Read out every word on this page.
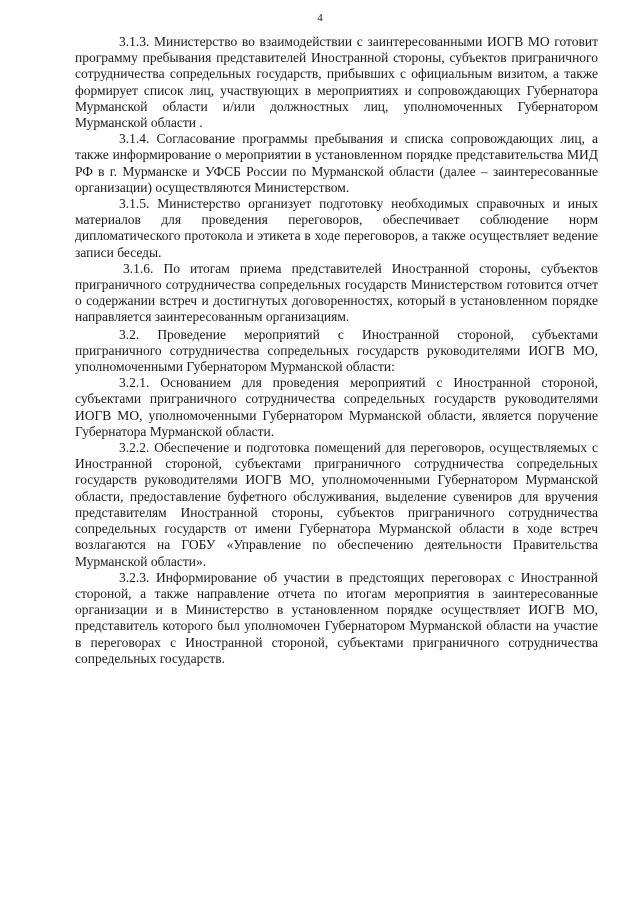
4

3.1.3. Министерство во взаимодействии с заинтересованными ИОГВ МО готовит программу пребывания представителей Иностранной стороны, субъектов приграничного сотрудничества сопредельных государств, прибывших с официальным визитом, а также формирует список лиц, участвующих в мероприятиях и сопровождающих Губернатора Мурманской области и/или должностных лиц, уполномоченных Губернатором Мурманской области .

3.1.4. Согласование программы пребывания и списка сопровождающих лиц, а также информирование о мероприятии в установленном порядке представительства МИД РФ в г. Мурманске и УФСБ России по Мурманской области (далее – заинтересованные организации) осуществляются Министерством.

3.1.5. Министерство организует подготовку необходимых справочных и иных материалов для проведения переговоров, обеспечивает соблюдение норм дипломатического протокола и этикета в ходе переговоров, а также осуществляет ведение записи беседы.

3.1.6. По итогам приема представителей Иностранной стороны, субъектов приграничного сотрудничества сопредельных государств Министерством готовится отчет о содержании встреч и достигнутых договоренностях, который в установленном порядке направляется заинтересованным организациям.

3.2. Проведение мероприятий с Иностранной стороной, субъектами приграничного сотрудничества сопредельных государств руководителями ИОГВ МО, уполномоченными Губернатором Мурманской области:

3.2.1. Основанием для проведения мероприятий с Иностранной стороной, субъектами приграничного сотрудничества сопредельных государств руководителями ИОГВ МО, уполномоченными Губернатором Мурманской области, является поручение Губернатора Мурманской области.

3.2.2. Обеспечение и подготовка помещений для переговоров, осуществляемых с Иностранной стороной, субъектами приграничного сотрудничества сопредельных государств руководителями ИОГВ МО, уполномоченными Губернатором Мурманской области, предоставление буфетного обслуживания, выделение сувениров для вручения представителям Иностранной стороны, субъектов приграничного сотрудничества сопредельных государств от имени Губернатора Мурманской области в ходе встреч возлагаются на ГОБУ «Управление по обеспечению деятельности Правительства Мурманской области».

3.2.3. Информирование об участии в предстоящих переговорах с Иностранной стороной, а также направление отчета по итогам мероприятия в заинтересованные организации и в Министерство в установленном порядке осуществляет ИОГВ МО, представитель которого был уполномочен Губернатором Мурманской области на участие в переговорах с Иностранной стороной, субъектами приграничного сотрудничества сопредельных государств.
